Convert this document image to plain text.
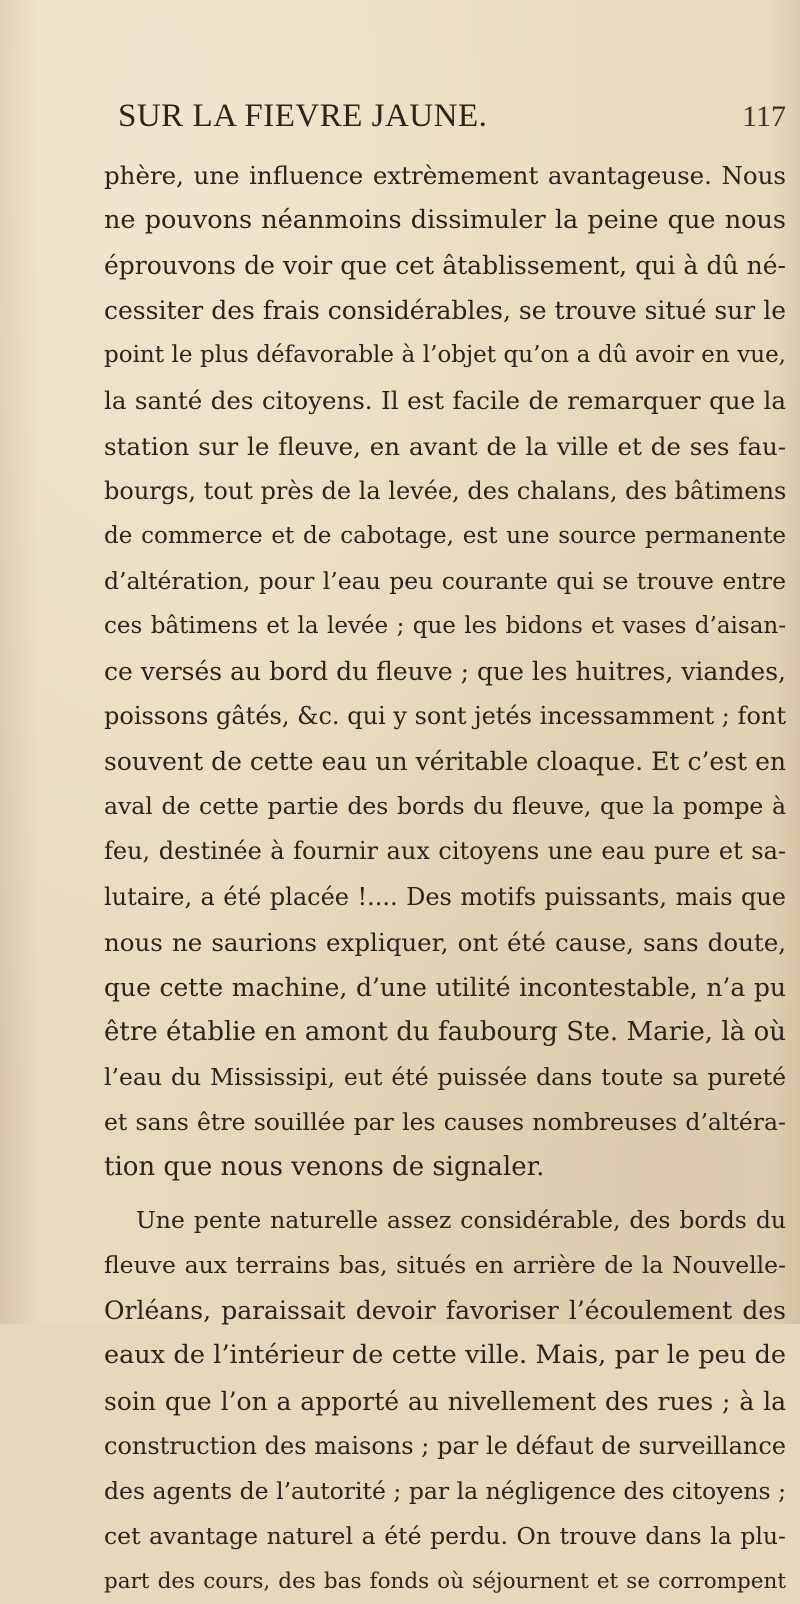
SUR LA FIEVRE JAUNE.	117
phère, une influence extrèmement avantageuse. Nous
ne pouvons néanmoins dissimuler la peine que nous
éprouvons de voir que cet âtablissement, qui à dû né-
cessiter des frais considérables, se trouve situé sur le
point le plus défavorable à l’objet qu’on a dû avoir en vue,
la santé des citoyens. Il est facile de remarquer que la
station sur le fleuve, en avant de la ville et de ses fau-
bourgs, tout près de la levée, des chalans, des bâtimens
de commerce et de cabotage, est une source permanente
d’altération, pour l’eau peu courante qui se trouve entre
ces bâtimens et la levée ; que les bidons et vases d’aisan-
ce versés au bord du fleuve ; que les huitres, viandes,
poissons gâtés, &c. qui y sont jetés incessamment ; font
souvent de cette eau un véritable cloaque. Et c’est en
aval de cette partie des bords du fleuve, que la pompe à
feu, destinée à fournir aux citoyens une eau pure et sa-
lutaire, a été placée !.... Des motifs puissants, mais que
nous ne saurions expliquer, ont été cause, sans doute,
que cette machine, d’une utilité incontestable, n’a pu
être établie en amont du faubourg Ste. Marie, là où
l’eau du Mississipi, eut été puissée dans toute sa pureté
et sans être souillée par les causes nombreuses d’altéra-
tion que nous venons de signaler.
Une pente naturelle assez considérable, des bords du
fleuve aux terrains bas, situés en arrière de la Nouvelle-
Orléans, paraissait devoir favoriser l’écoulement des
eaux de l’intérieur de cette ville. Mais, par le peu de
soin que l’on a apporté au nivellement des rues ; à la
construction des maisons ; par le défaut de surveillance
des agents de l’autorité ; par la négligence des citoyens ;
cet avantage naturel a été perdu. On trouve dans la plu-
part des cours, des bas fonds où séjournent et se corrompent
